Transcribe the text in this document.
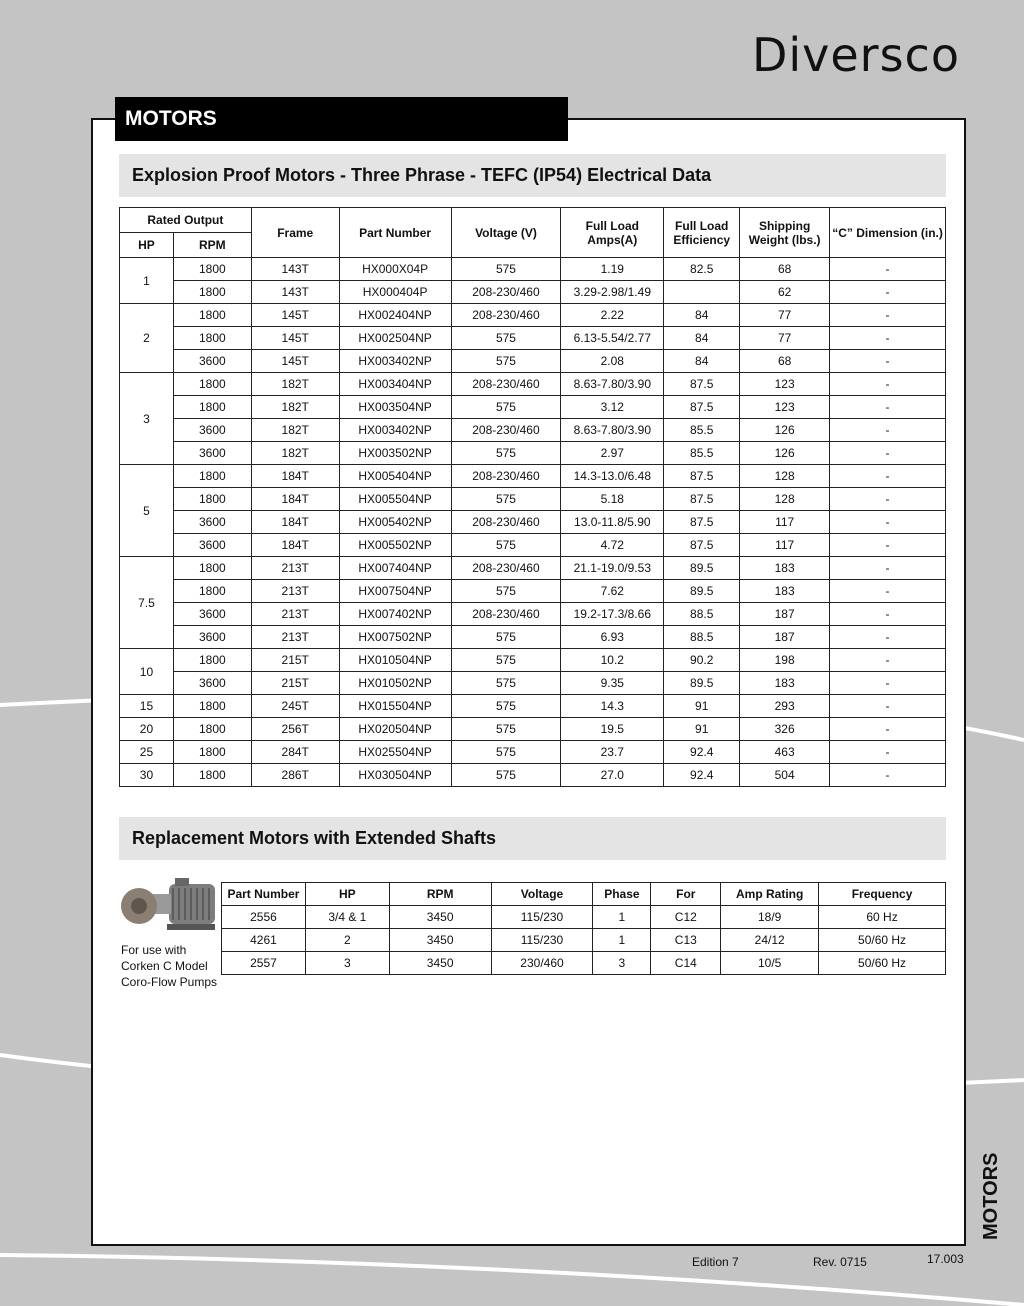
Diversco
MOTORS
Explosion Proof Motors - Three Phrase - TEFC (IP54) Electrical Data
Rated Output		Frame	Part Number	Voltage (V)	Full Load Amps(A)	Full Load Efficiency	Shipping Weight (lbs.)	“C” Dimension (in.)
HP	RPM							
1	1800	143T	HX000X04P	575	1.19	82.5	68	-
	1800	143T	HX000404P	208-230/460	3.29-2.98/1.49		62	-
2	1800	145T	HX002404NP	208-230/460	2.22	84	77	-
	1800	145T	HX002504NP	575	6.13-5.54/2.77	84	77	-
	3600	145T	HX003402NP	575	2.08	84	68	-
3	1800	182T	HX003404NP	208-230/460	8.63-7.80/3.90	87.5	123	-
	1800	182T	HX003504NP	575	3.12	87.5	123	-
	3600	182T	HX003402NP	208-230/460	8.63-7.80/3.90	85.5	126	-
	3600	182T	HX003502NP	575	2.97	85.5	126	-
5	1800	184T	HX005404NP	208-230/460	14.3-13.0/6.48	87.5	128	-
	1800	184T	HX005504NP	575	5.18	87.5	128	-
	3600	184T	HX005402NP	208-230/460	13.0-11.8/5.90	87.5	117	-
	3600	184T	HX005502NP	575	4.72	87.5	117	-
7.5	1800	213T	HX007404NP	208-230/460	21.1-19.0/9.53	89.5	183	-
	1800	213T	HX007504NP	575	7.62	89.5	183	-
	3600	213T	HX007402NP	208-230/460	19.2-17.3/8.66	88.5	187	-
	3600	213T	HX007502NP	575	6.93	88.5	187	-
10	1800	215T	HX010504NP	575	10.2	90.2	198	-
	3600	215T	HX010502NP	575	9.35	89.5	183	-
15	1800	245T	HX015504NP	575	14.3	91	293	-
20	1800	256T	HX020504NP	575	19.5	91	326	-
25	1800	284T	HX025504NP	575	23.7	92.4	463	-
30	1800	286T	HX030504NP	575	27.0	92.4	504	-
Replacement Motors with Extended Shafts
For use with
Corken C Model
Coro-Flow Pumps
Part Number	HP	RPM	Voltage	Phase	For	Amp Rating	Frequency
2556	3/4 & 1	3450	115/230	1	C12	18/9	60 Hz
4261	2	3450	115/230	1	C13	24/12	50/60 Hz
2557	3	3450	230/460	3	C14	10/5	50/60 Hz
MOTORS
Edition 7	Rev. 0715	17.003
